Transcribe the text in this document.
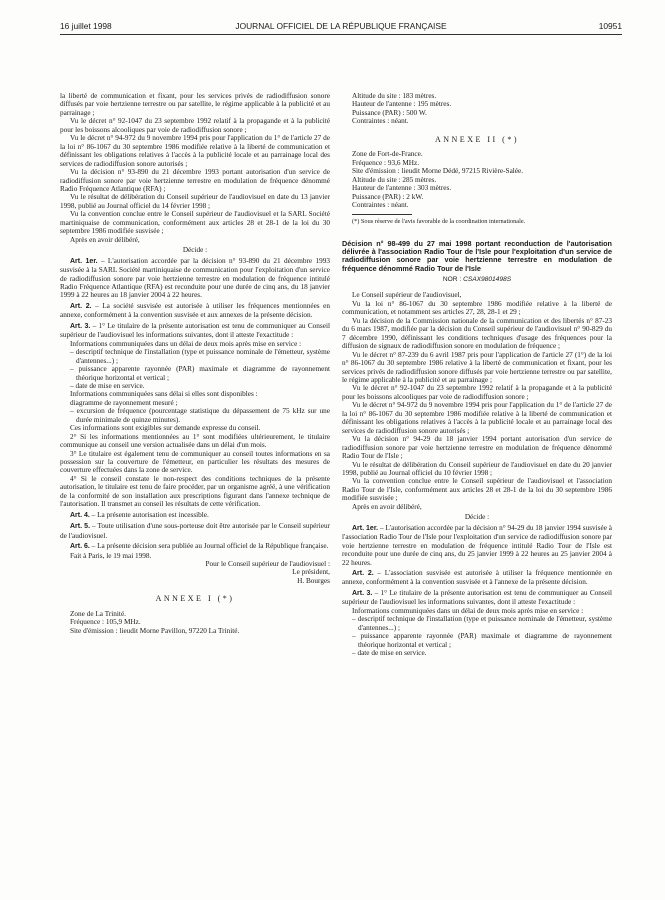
16 juillet 1998	JOURNAL OFFICIEL DE LA RÉPUBLIQUE FRANÇAISE	10951

la liberté de communication et fixant, pour les services privés de radiodiffusion sonore diffusés par voie hertzienne terrestre ou par satellite, le régime applicable à la publicité et au parrainage ;

Vu le décret n° 92-1047 du 23 septembre 1992 relatif à la propagande et à la publicité pour les boissons alcooliques par voie de radiodiffusion sonore ;

Vu le décret n° 94-972 du 9 novembre 1994 pris pour l'application du 1° de l'article 27 de la loi n° 86-1067 du 30 septembre 1986 modifiée relative à la liberté de communication et définissant les obligations relatives à l'accès à la publicité locale et au parrainage local des services de radiodiffusion sonore autorisés ;

Vu la décision n° 93-890 du 21 décembre 1993 portant autorisation d'un service de radiodiffusion sonore par voie hertzienne terrestre en modulation de fréquence dénommé Radio Fréquence Atlantique (RFA) ;

Vu le résultat de délibération du Conseil supérieur de l'audiovisuel en date du 13 janvier 1998, publié au Journal officiel du 14 février 1998 ;

Vu la convention conclue entre le Conseil supérieur de l'audiovisuel et la SARL Société martiniquaise de communication, conformément aux articles 28 et 28-1 de la loi du 30 septembre 1986 modifiée susvisée ;

Après en avoir délibéré,

Décide :

Art. 1er. – L'autorisation accordée par la décision n° 93-890 du 21 décembre 1993 susvisée à la SARL Société martiniquaise de communication pour l'exploitation d'un service de radiodiffusion sonore par voie hertzienne terrestre en modulation de fréquence intitulé Radio Fréquence Atlantique (RFA) est reconduite pour une durée de cinq ans, du 18 janvier 1999 à 22 heures au 18 janvier 2004 à 22 heures.

Art. 2. – La société susvisée est autorisée à utiliser les fréquences mentionnées en annexe, conformément à la convention susvisée et aux annexes de la présente décision.

Art. 3. – 1° Le titulaire de la présente autorisation est tenu de communiquer au Conseil supérieur de l'audiovisuel les informations suivantes, dont il atteste l'exactitude :

Informations communiquées dans un délai de deux mois après mise en service :

– descriptif technique de l'installation (type et puissance nominale de l'émetteur, système d'antennes...) ;

– puissance apparente rayonnée (PAR) maximale et diagramme de rayonnement théorique horizontal et vertical ;

– date de mise en service.

Informations communiquées sans délai si elles sont disponibles :

diagramme de rayonnement mesuré ;

– excursion de fréquence (pourcentage statistique du dépassement de 75 kHz sur une durée minimale de quinze minutes).

Ces informations sont exigibles sur demande expresse du conseil.

2° Si les informations mentionnées au 1° sont modifiées ultérieurement, le titulaire communique au conseil une version actualisée dans un délai d'un mois.

3° Le titulaire est également tenu de communiquer au conseil toutes informations en sa possession sur la couverture de l'émetteur, en particulier les résultats des mesures de couverture effectuées dans la zone de service.

4° Si le conseil constate le non-respect des conditions techniques de la présente autorisation, le titulaire est tenu de faire procéder, par un organisme agréé, à une vérification de la conformité de son installation aux prescriptions figurant dans l'annexe technique de l'autorisation. Il transmet au conseil les résultats de cette vérification.

Art. 4. – La présente autorisation est incessible.

Art. 5. – Toute utilisation d'une sous-porteuse doit être autorisée par le Conseil supérieur de l'audiovisuel.

Art. 6. – La présente décision sera publiée au Journal officiel de la République française.

Fait à Paris, le 19 mai 1998.

Pour le Conseil supérieur de l'audiovisuel :

Le président,

H. Bourges

ANNEXE I (*)

Zone de La Trinité.

Fréquence : 105,9 MHz.

Site d'émission : lieudit Morne Pavillon, 97220 La Trinité.

Altitude du site : 183 mètres.

Hauteur de l'antenne : 195 mètres.

Puissance (PAR) : 500 W.

Contraintes : néant.

ANNEXE II (*)

Zone de Fort-de-France.

Fréquence : 93,6 MHz.

Site d'émission : lieudit Morne Dédé, 97215 Rivière-Salée.

Altitude du site : 285 mètres.

Hauteur de l'antenne : 303 mètres.

Puissance (PAR) : 2 kW.

Contraintes : néant.

(*) Sous réserve de l'avis favorable de la coordination internationale.

Décision n° 98-499 du 27 mai 1998 portant reconduction de l'autorisation délivrée à l'association Radio Tour de l'Isle pour l'exploitation d'un service de radiodiffusion sonore par voie hertzienne terrestre en modulation de fréquence dénommé Radio Tour de l'Isle

NOR : CSAX9801498S

Le Conseil supérieur de l'audiovisuel,

Vu la loi n° 86-1067 du 30 septembre 1986 modifiée relative à la liberté de communication, et notamment ses articles 27, 28, 28-1 et 29 ;

Vu la décision de la Commission nationale de la communication et des libertés n° 87-23 du 6 mars 1987, modifiée par la décision du Conseil supérieur de l'audiovisuel n° 90-829 du 7 décembre 1990, définissant les conditions techniques d'usage des fréquences pour la diffusion de signaux de radiodiffusion sonore en modulation de fréquence ;

Vu le décret n° 87-239 du 6 avril 1987 pris pour l'application de l'article 27 (1°) de la loi n° 86-1067 du 30 septembre 1986 relative à la liberté de communication et fixant, pour les services privés de radiodiffusion sonore diffusés par voie hertzienne terrestre ou par satellite, le régime applicable à la publicité et au parrainage ;

Vu le décret n° 92-1047 du 23 septembre 1992 relatif à la propagande et à la publicité pour les boissons alcooliques par voie de radiodiffusion sonore ;

Vu le décret n° 94-972 du 9 novembre 1994 pris pour l'application du 1° de l'article 27 de la loi n° 86-1067 du 30 septembre 1986 modifiée relative à la liberté de communication et définissant les obligations relatives à l'accès à la publicité locale et au parrainage local des services de radiodiffusion sonore autorisés ;

Vu la décision n° 94-29 du 18 janvier 1994 portant autorisation d'un service de radiodiffusion sonore par voie hertzienne terrestre en modulation de fréquence dénommé Radio Tour de l'Isle ;

Vu le résultat de délibération du Conseil supérieur de l'audiovisuel en date du 20 janvier 1998, publié au Journal officiel du 10 février 1998 ;

Vu la convention conclue entre le Conseil supérieur de l'audiovisuel et l'association Radio Tour de l'Isle, conformément aux articles 28 et 28-1 de la loi du 30 septembre 1986 modifiée susvisée ;

Après en avoir délibéré,

Décide :

Art. 1er. – L'autorisation accordée par la décision n° 94-29 du 18 janvier 1994 susvisée à l'association Radio Tour de l'Isle pour l'exploitation d'un service de radiodiffusion sonore par voie hertzienne terrestre en modulation de fréquence intitulé Radio Tour de l'Isle est reconduite pour une durée de cinq ans, du 25 janvier 1999 à 22 heures au 25 janvier 2004 à 22 heures.

Art. 2. – L'association susvisée est autorisée à utiliser la fréquence mentionnée en annexe, conformément à la convention susvisée et à l'annexe de la présente décision.

Art. 3. – 1° Le titulaire de la présente autorisation est tenu de communiquer au Conseil supérieur de l'audiovisuel les informations suivantes, dont il atteste l'exactitude :

Informations communiquées dans un délai de deux mois après mise en service :

– descriptif technique de l'installation (type et puissance nominale de l'émetteur, système d'antennes...) ;

– puissance apparente rayonnée (PAR) maximale et diagramme de rayonnement théorique horizontal et vertical ;

– date de mise en service.
